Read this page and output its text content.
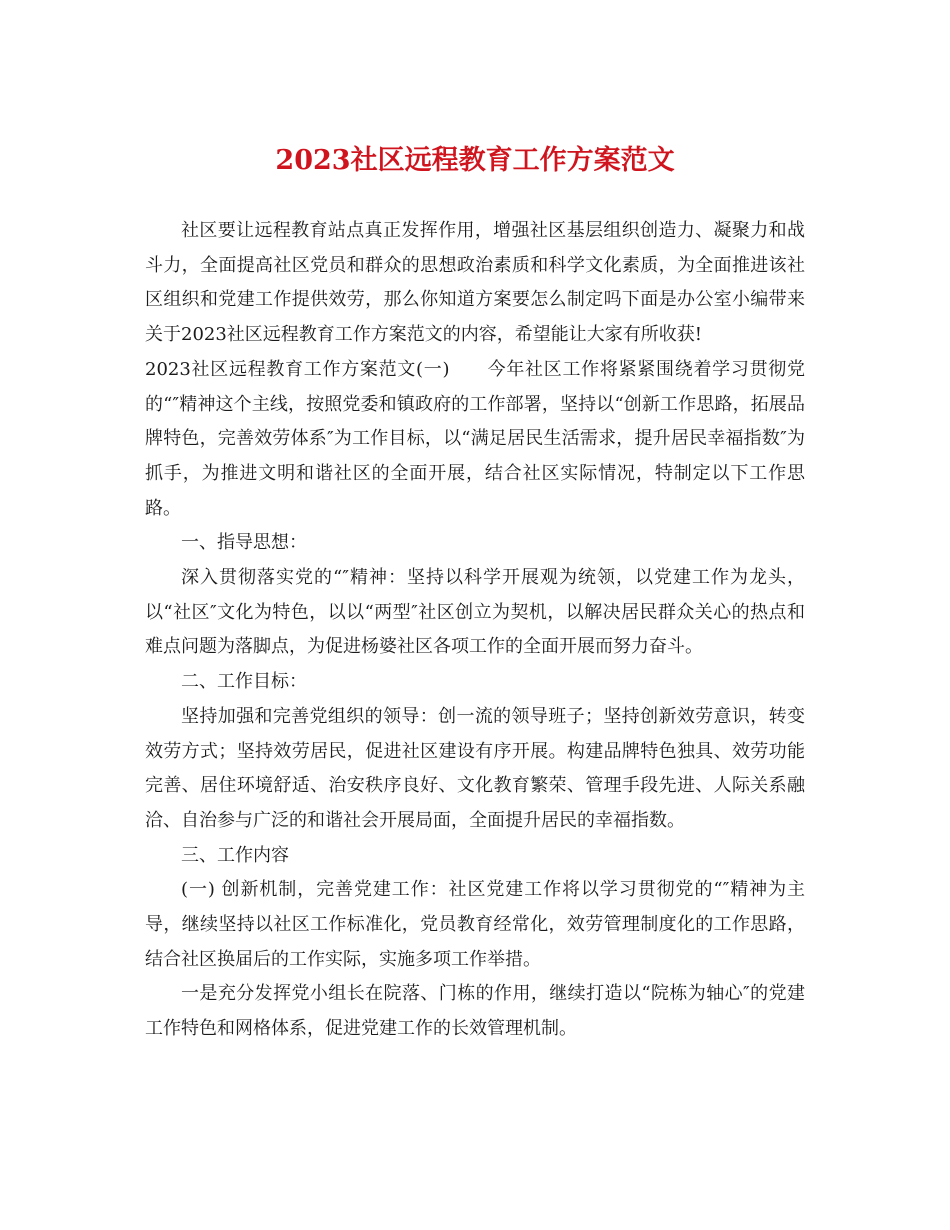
2023社区远程教育工作方案范文

社区要让远程教育站点真正发挥作用，增强社区基层组织创造力、凝聚力和战斗力，全面提高社区党员和群众的思想政治素质和科学文化素质，为全面推进该社区组织和党建工作提供效劳，那么你知道方案要怎么制定吗下面是办公室小编带来关于2023社区远程教育工作方案范文的内容，希望能让大家有所收获!

2023社区远程教育工作方案范文(一)　　今年社区工作将紧紧围绕着学习贯彻党的“″精神这个主线，按照党委和镇政府的工作部署，坚持以“创新工作思路，拓展品牌特色，完善效劳体系″为工作目标，以“满足居民生活需求，提升居民幸福指数″为抓手，为推进文明和谐社区的全面开展，结合社区实际情况，特制定以下工作思路。

一、指导思想：

深入贯彻落实党的“″精神：坚持以科学开展观为统领，以党建工作为龙头，以“社区″文化为特色，以以“两型″社区创立为契机，以解决居民群众关心的热点和难点问题为落脚点，为促进杨婆社区各项工作的全面开展而努力奋斗。

二、工作目标：

坚持加强和完善党组织的领导：创一流的领导班子；坚持创新效劳意识，转变效劳方式；坚持效劳居民，促进社区建设有序开展。构建品牌特色独具、效劳功能完善、居住环境舒适、治安秩序良好、文化教育繁荣、管理手段先进、人际关系融洽、自治参与广泛的和谐社会开展局面，全面提升居民的幸福指数。

三、工作内容

(一) 创新机制，完善党建工作：社区党建工作将以学习贯彻党的“″精神为主导，继续坚持以社区工作标准化，党员教育经常化，效劳管理制度化的工作思路，结合社区换届后的工作实际，实施多项工作举措。

一是充分发挥党小组长在院落、门栋的作用，继续打造以“院栋为轴心″的党建工作特色和网格体系，促进党建工作的长效管理机制。
